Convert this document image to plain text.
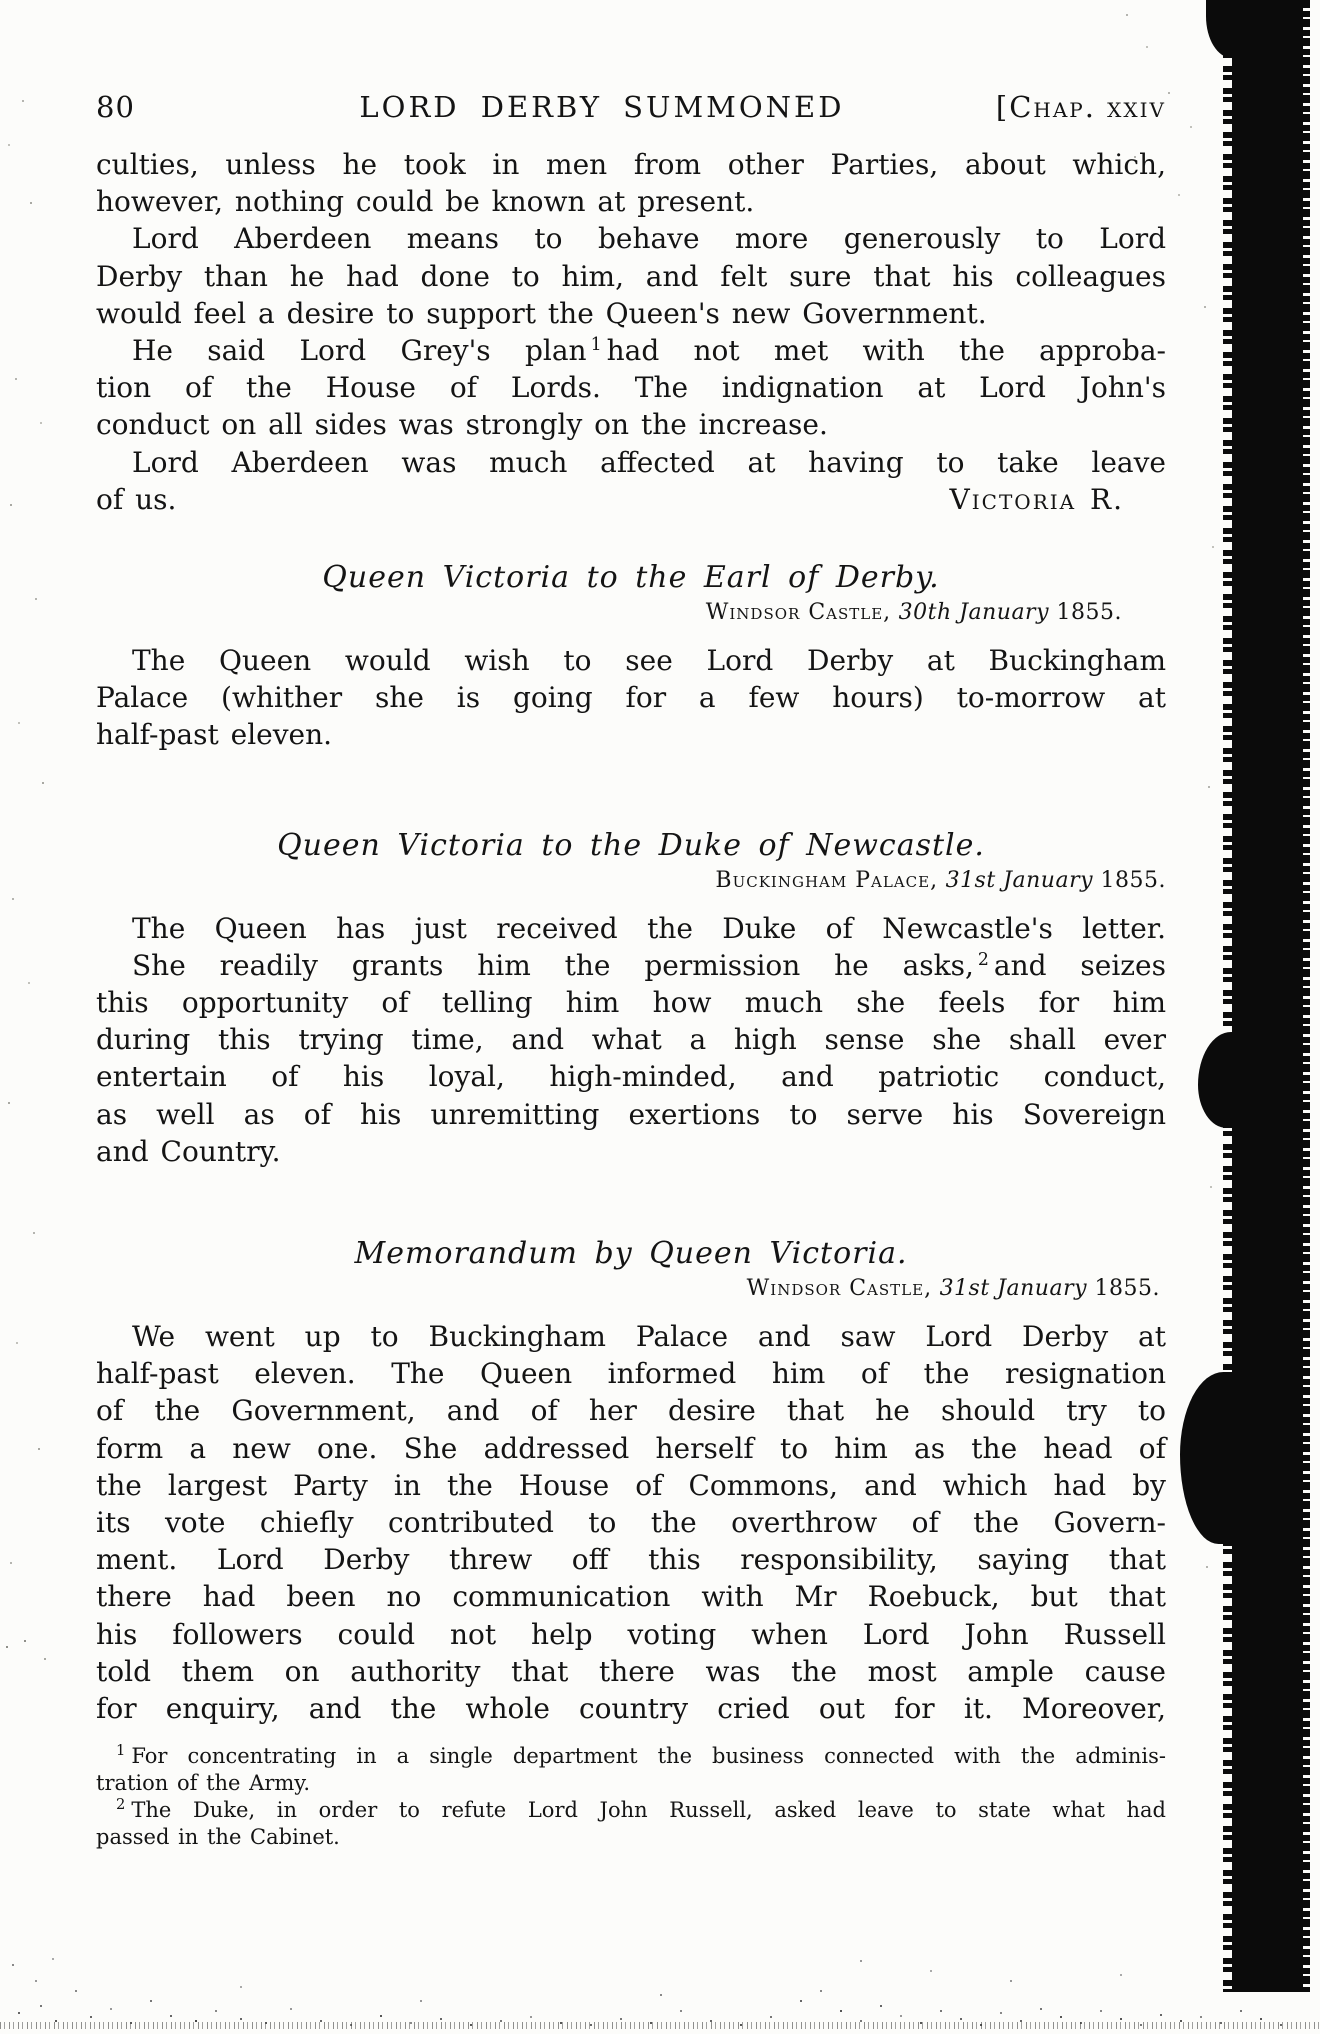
80	LORD DERBY SUMMONED	[Chap. xxiv
culties, unless he took in men from other Parties, about which,
however, nothing could be known at present.
Lord Aberdeen means to behave more generously to Lord
Derby than he had done to him, and felt sure that his colleagues
would feel a desire to support the Queen's new Government.
He said Lord Grey's plan $^1$ had not met with the approba-
tion of the House of Lords. The indignation at Lord John's
conduct on all sides was strongly on the increase.
Lord Aberdeen was much affected at having to take leave
of us.	Victoria R.
Queen Victoria to the Earl of Derby.
Windsor Castle, 30th January 1855.
The Queen would wish to see Lord Derby at Buckingham
Palace (whither she is going for a few hours) to-morrow at
half-past eleven.
Queen Victoria to the Duke of Newcastle.
Buckingham Palace, 31st January 1855.
The Queen has just received the Duke of Newcastle's letter.
She readily grants him the permission he asks, $^2$ and seizes
this opportunity of telling him how much she feels for him
during this trying time, and what a high sense she shall ever
entertain of his loyal, high-minded, and patriotic conduct,
as well as of his unremitting exertions to serve his Sovereign
and Country.
Memorandum by Queen Victoria.
Windsor Castle, 31st January 1855.
We went up to Buckingham Palace and saw Lord Derby at
half-past eleven. The Queen informed him of the resignation
of the Government, and of her desire that he should try to
form a new one. She addressed herself to him as the head of
the largest Party in the House of Commons, and which had by
its vote chiefly contributed to the overthrow of the Govern-
ment. Lord Derby threw off this responsibility, saying that
there had been no communication with Mr Roebuck, but that
his followers could not help voting when Lord John Russell
told them on authority that there was the most ample cause
for enquiry, and the whole country cried out for it. Moreover,
$^1$ For concentrating in a single department the business connected with the adminis-
tration of the Army.
$^2$ The Duke, in order to refute Lord John Russell, asked leave to state what had
passed in the Cabinet.
